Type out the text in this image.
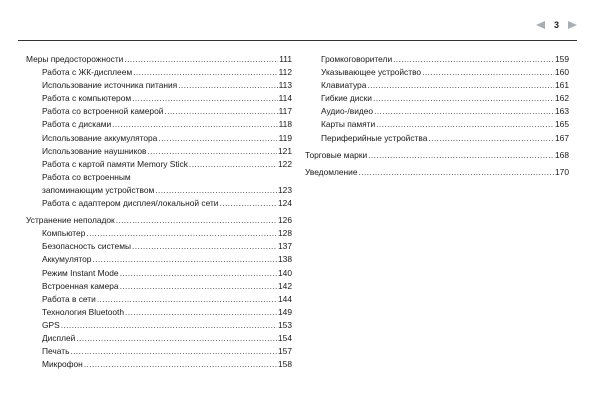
3
Меры предосторожности .....	111
Работа с ЖК-дисплеем .....	112
Использование источника питания .....	113
Работа с компьютером .....	114
Работа со встроенной камерой .....	117
Работа с дисками .....	118
Использование аккумулятора .....	119
Использование наушников .....	121
Работа с картой памяти Memory Stick .....	122
Работа со встроенным
запоминающим устройством .....	123
Работа с адаптером дисплея/локальной сети .....	124
Устранение неполадок .....	126
Компьютер .....	128
Безопасность системы .....	137
Аккумулятор .....	138
Режим Instant Mode .....	140
Встроенная камера .....	142
Работа в сети .....	144
Технология Bluetooth .....	149
GPS .....	153
Дисплей .....	154
Печать .....	157
Микрофон .....	158
Громкоговорители .....	159
Указывающее устройство .....	160
Клавиатура .....	161
Гибкие диски .....	162
Аудио-/видео .....	163
Карты памяти .....	165
Периферийные устройства .....	167
Торговые марки .....	168
Уведомление .....	170
